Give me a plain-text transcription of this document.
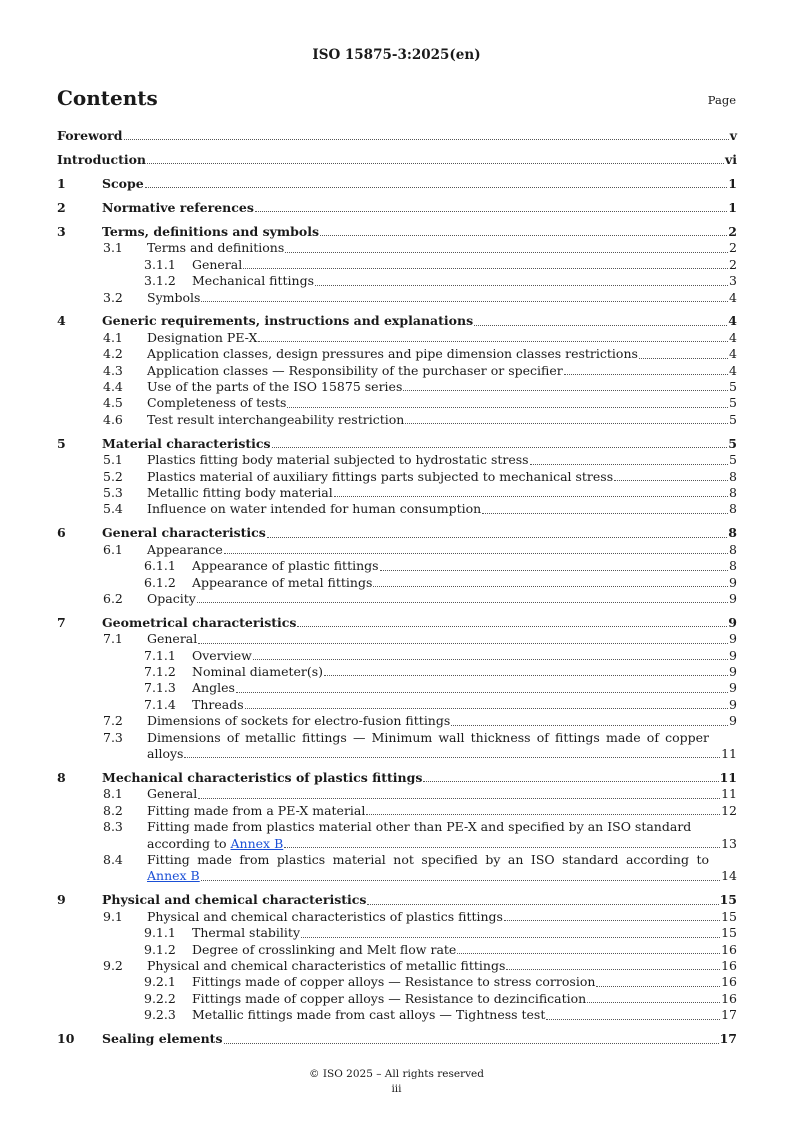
ISO 15875-3:2025(en)
Contents	Page
Foreword	v
Introduction	vi
1	Scope	1
2	Normative references	1
3	Terms, definitions and symbols	2
3.1 Terms and definitions	2
3.1.1 General	2
3.1.2 Mechanical fittings	3
3.2 Symbols	4
4	Generic requirements, instructions and explanations	4
4.1 Designation PE-X	4
4.2 Application classes, design pressures and pipe dimension classes restrictions	4
4.3 Application classes — Responsibility of the purchaser or specifier	4
4.4 Use of the parts of the ISO 15875 series	5
4.5 Completeness of tests	5
4.6 Test result interchangeability restriction	5
5	Material characteristics	5
5.1 Plastics fitting body material subjected to hydrostatic stress	5
5.2 Plastics material of auxiliary fittings parts subjected to mechanical stress	8
5.3 Metallic fitting body material	8
5.4 Influence on water intended for human consumption	8
6	General characteristics	8
6.1 Appearance	8
6.1.1 Appearance of plastic fittings	8
6.1.2 Appearance of metal fittings	9
6.2 Opacity	9
7	Geometrical characteristics	9
7.1 General	9
7.1.1 Overview	9
7.1.2 Nominal diameter(s)	9
7.1.3 Angles	9
7.1.4 Threads	9
7.2 Dimensions of sockets for electro-fusion fittings	9
7.3 Dimensions of metallic fittings — Minimum wall thickness of fittings made of copper
alloys	11
8	Mechanical characteristics of plastics fittings	11
8.1 General	11
8.2 Fitting made from a PE-X material	12
8.3 Fitting made from plastics material other than PE-X and specified by an ISO standard
according to Annex B	13
8.4 Fitting made from plastics material not specified by an ISO standard according to
Annex B	14
9	Physical and chemical characteristics	15
9.1 Physical and chemical characteristics of plastics fittings	15
9.1.1 Thermal stability	15
9.1.2 Degree of crosslinking and Melt flow rate	16
9.2 Physical and chemical characteristics of metallic fittings	16
9.2.1 Fittings made of copper alloys — Resistance to stress corrosion	16
9.2.2 Fittings made of copper alloys — Resistance to dezincification	16
9.2.3 Metallic fittings made from cast alloys — Tightness test	17
10 Sealing elements	17
© ISO 2025 – All rights reserved
iii
